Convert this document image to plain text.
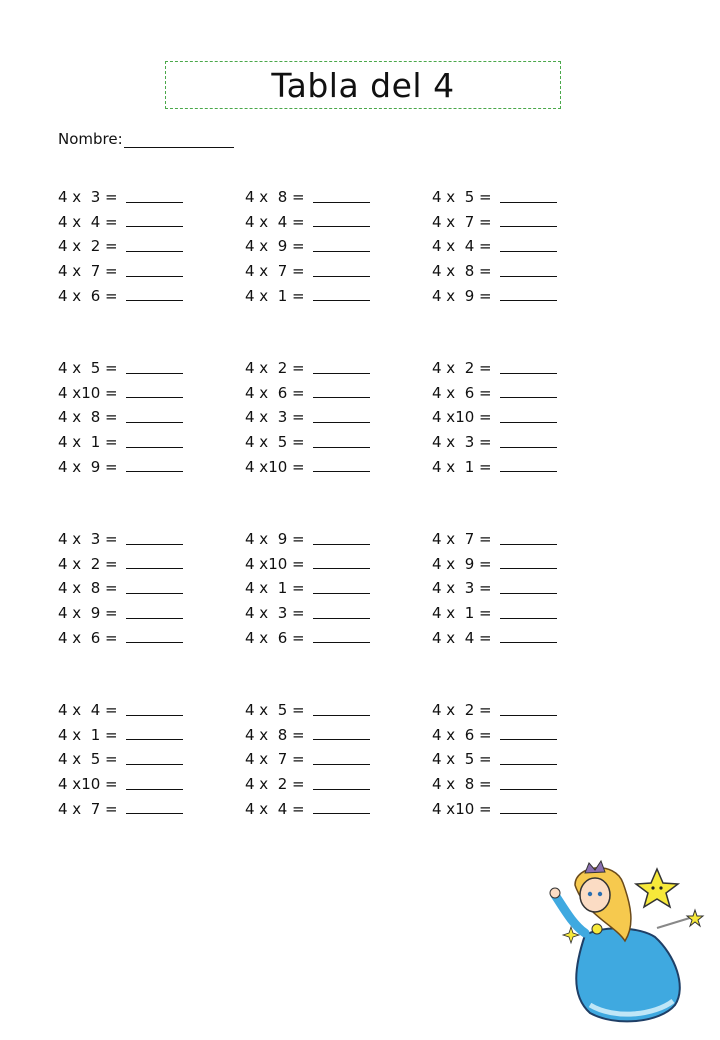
Tabla del 4
Nombre:
4 x  3 =
4 x  4 =
4 x  2 =
4 x  7 =
4 x  6 =
4 x  8 =
4 x  4 =
4 x  9 =
4 x  7 =
4 x  1 =
4 x  5 =
4 x  7 =
4 x  4 =
4 x  8 =
4 x  9 =
4 x  5 =
4 x10 =
4 x  8 =
4 x  1 =
4 x  9 =
4 x  2 =
4 x  6 =
4 x  3 =
4 x  5 =
4 x10 =
4 x  2 =
4 x  6 =
4 x10 =
4 x  3 =
4 x  1 =
4 x  3 =
4 x  2 =
4 x  8 =
4 x  9 =
4 x  6 =
4 x  9 =
4 x10 =
4 x  1 =
4 x  3 =
4 x  6 =
4 x  7 =
4 x  9 =
4 x  3 =
4 x  1 =
4 x  4 =
4 x  4 =
4 x  1 =
4 x  5 =
4 x10 =
4 x  7 =
4 x  5 =
4 x  8 =
4 x  7 =
4 x  2 =
4 x  4 =
4 x  2 =
4 x  6 =
4 x  5 =
4 x  8 =
4 x10 =
